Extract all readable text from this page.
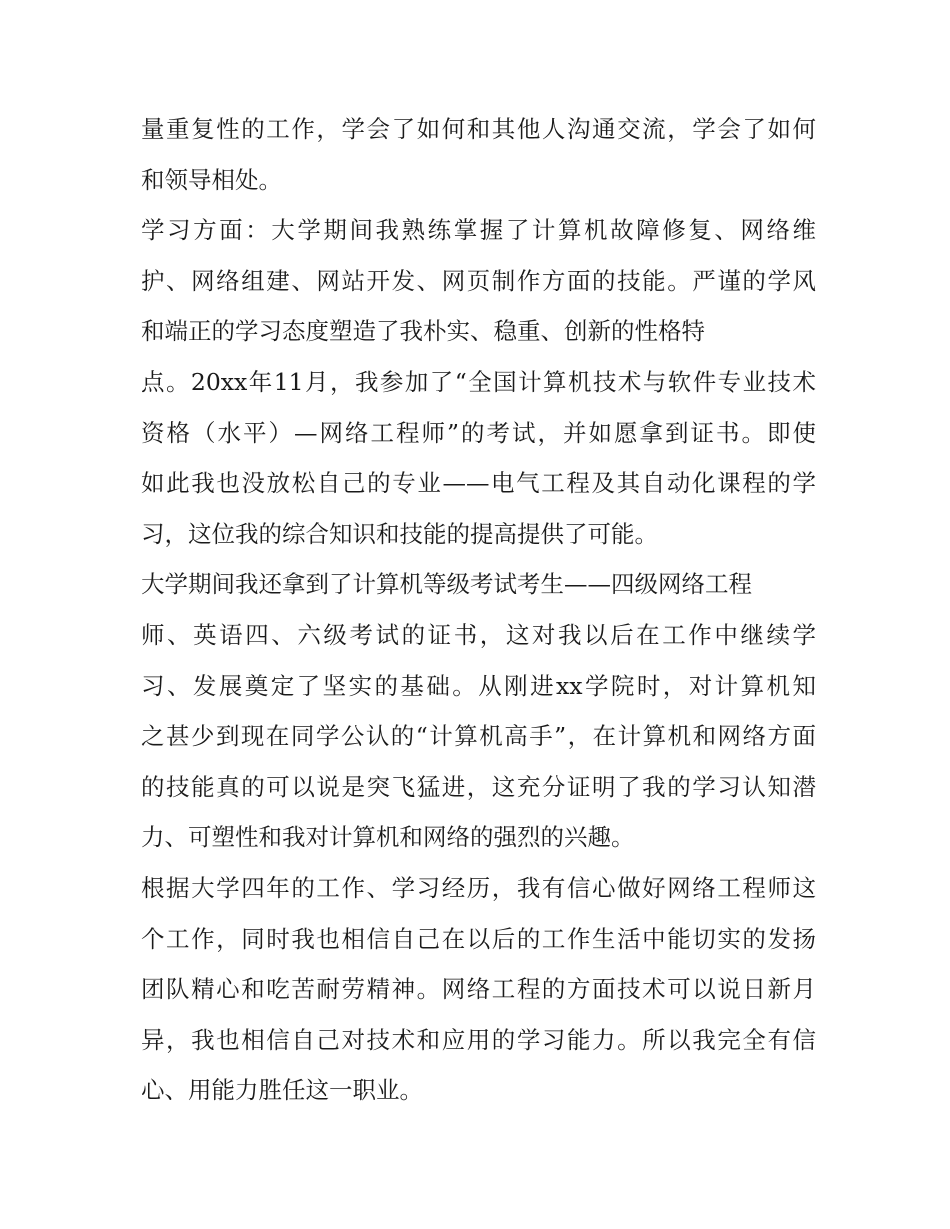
量重复性的工作，学会了如何和其他人沟通交流，学会了如何
和领导相处。
学习方面：大学期间我熟练掌握了计算机故障修复、网络维
护、网络组建、网站开发、网页制作方面的技能。严谨的学风
和端正的学习态度塑造了我朴实、稳重、创新的性格特
点。20xx年11月，我参加了“全国计算机技术与软件专业技术
资格（水平）—网络工程师”的考试，并如愿拿到证书。即使
如此我也没放松自己的专业——电气工程及其自动化课程的学
习，这位我的综合知识和技能的提高提供了可能。
大学期间我还拿到了计算机等级考试考生——四级网络工程
师、英语四、六级考试的证书，这对我以后在工作中继续学
习、发展奠定了坚实的基础。从刚进xx学院时，对计算机知
之甚少到现在同学公认的“计算机高手”，在计算机和网络方面
的技能真的可以说是突飞猛进，这充分证明了我的学习认知潜
力、可塑性和我对计算机和网络的强烈的兴趣。
根据大学四年的工作、学习经历，我有信心做好网络工程师这
个工作，同时我也相信自己在以后的工作生活中能切实的发扬
团队精心和吃苦耐劳精神。网络工程的方面技术可以说日新月
异，我也相信自己对技术和应用的学习能力。所以我完全有信
心、用能力胜任这一职业。
